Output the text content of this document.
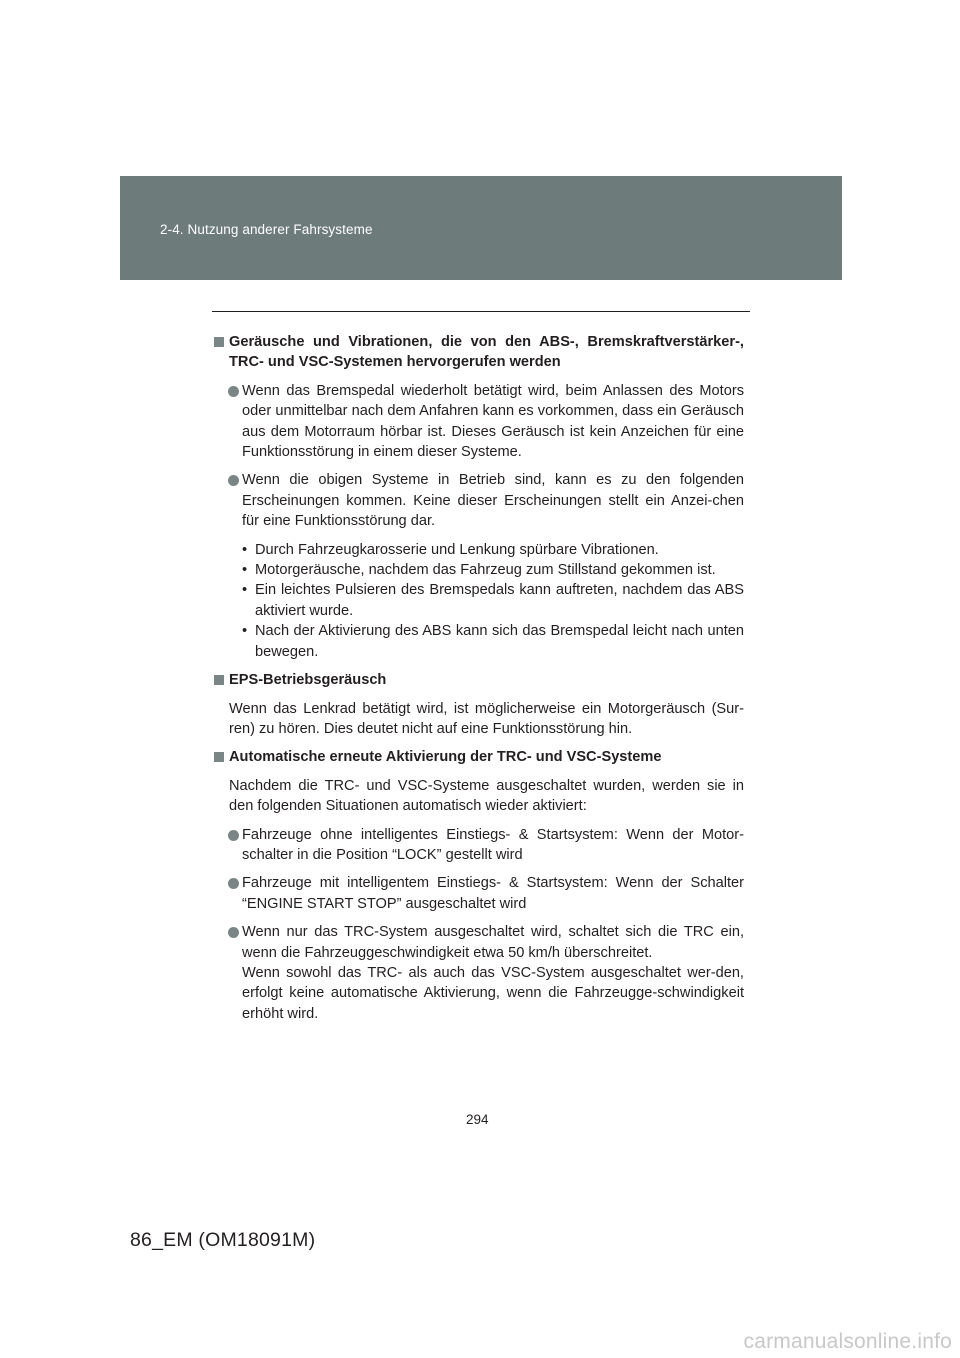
2-4. Nutzung anderer Fahrsysteme
Geräusche und Vibrationen, die von den ABS-, Bremskraftverstärker-, TRC- und VSC-Systemen hervorgerufen werden
Wenn das Bremspedal wiederholt betätigt wird, beim Anlassen des Motors oder unmittelbar nach dem Anfahren kann es vorkommen, dass ein Geräusch aus dem Motorraum hörbar ist. Dieses Geräusch ist kein Anzeichen für eine Funktionsstörung in einem dieser Systeme.
Wenn die obigen Systeme in Betrieb sind, kann es zu den folgenden Erscheinungen kommen. Keine dieser Erscheinungen stellt ein Anzei-chen für eine Funktionsstörung dar.
• Durch Fahrzeugkarosserie und Lenkung spürbare Vibrationen.
• Motorgeräusche, nachdem das Fahrzeug zum Stillstand gekommen ist.
• Ein leichtes Pulsieren des Bremspedals kann auftreten, nachdem das ABS aktiviert wurde.
• Nach der Aktivierung des ABS kann sich das Bremspedal leicht nach unten bewegen.
EPS-Betriebsgeräusch
Wenn das Lenkrad betätigt wird, ist möglicherweise ein Motorgeräusch (Sur-ren) zu hören. Dies deutet nicht auf eine Funktionsstörung hin.
Automatische erneute Aktivierung der TRC- und VSC-Systeme
Nachdem die TRC- und VSC-Systeme ausgeschaltet wurden, werden sie in den folgenden Situationen automatisch wieder aktiviert:
Fahrzeuge ohne intelligentes Einstiegs- & Startsystem: Wenn der Motor-schalter in die Position “LOCK” gestellt wird
Fahrzeuge mit intelligentem Einstiegs- & Startsystem: Wenn der Schalter “ENGINE START STOP” ausgeschaltet wird

Wenn nur das TRC-System ausgeschaltet wird, schaltet sich die TRC ein, wenn die Fahrzeuggeschwindigkeit etwa 50 km/h überschreitet.

Wenn sowohl das TRC- als auch das VSC-System ausgeschaltet wer-den, erfolgt keine automatische Aktivierung, wenn die Fahrzeugge-schwindigkeit erhöht wird.

294
86_EM (OM18091M)
carmanualsonline.info
